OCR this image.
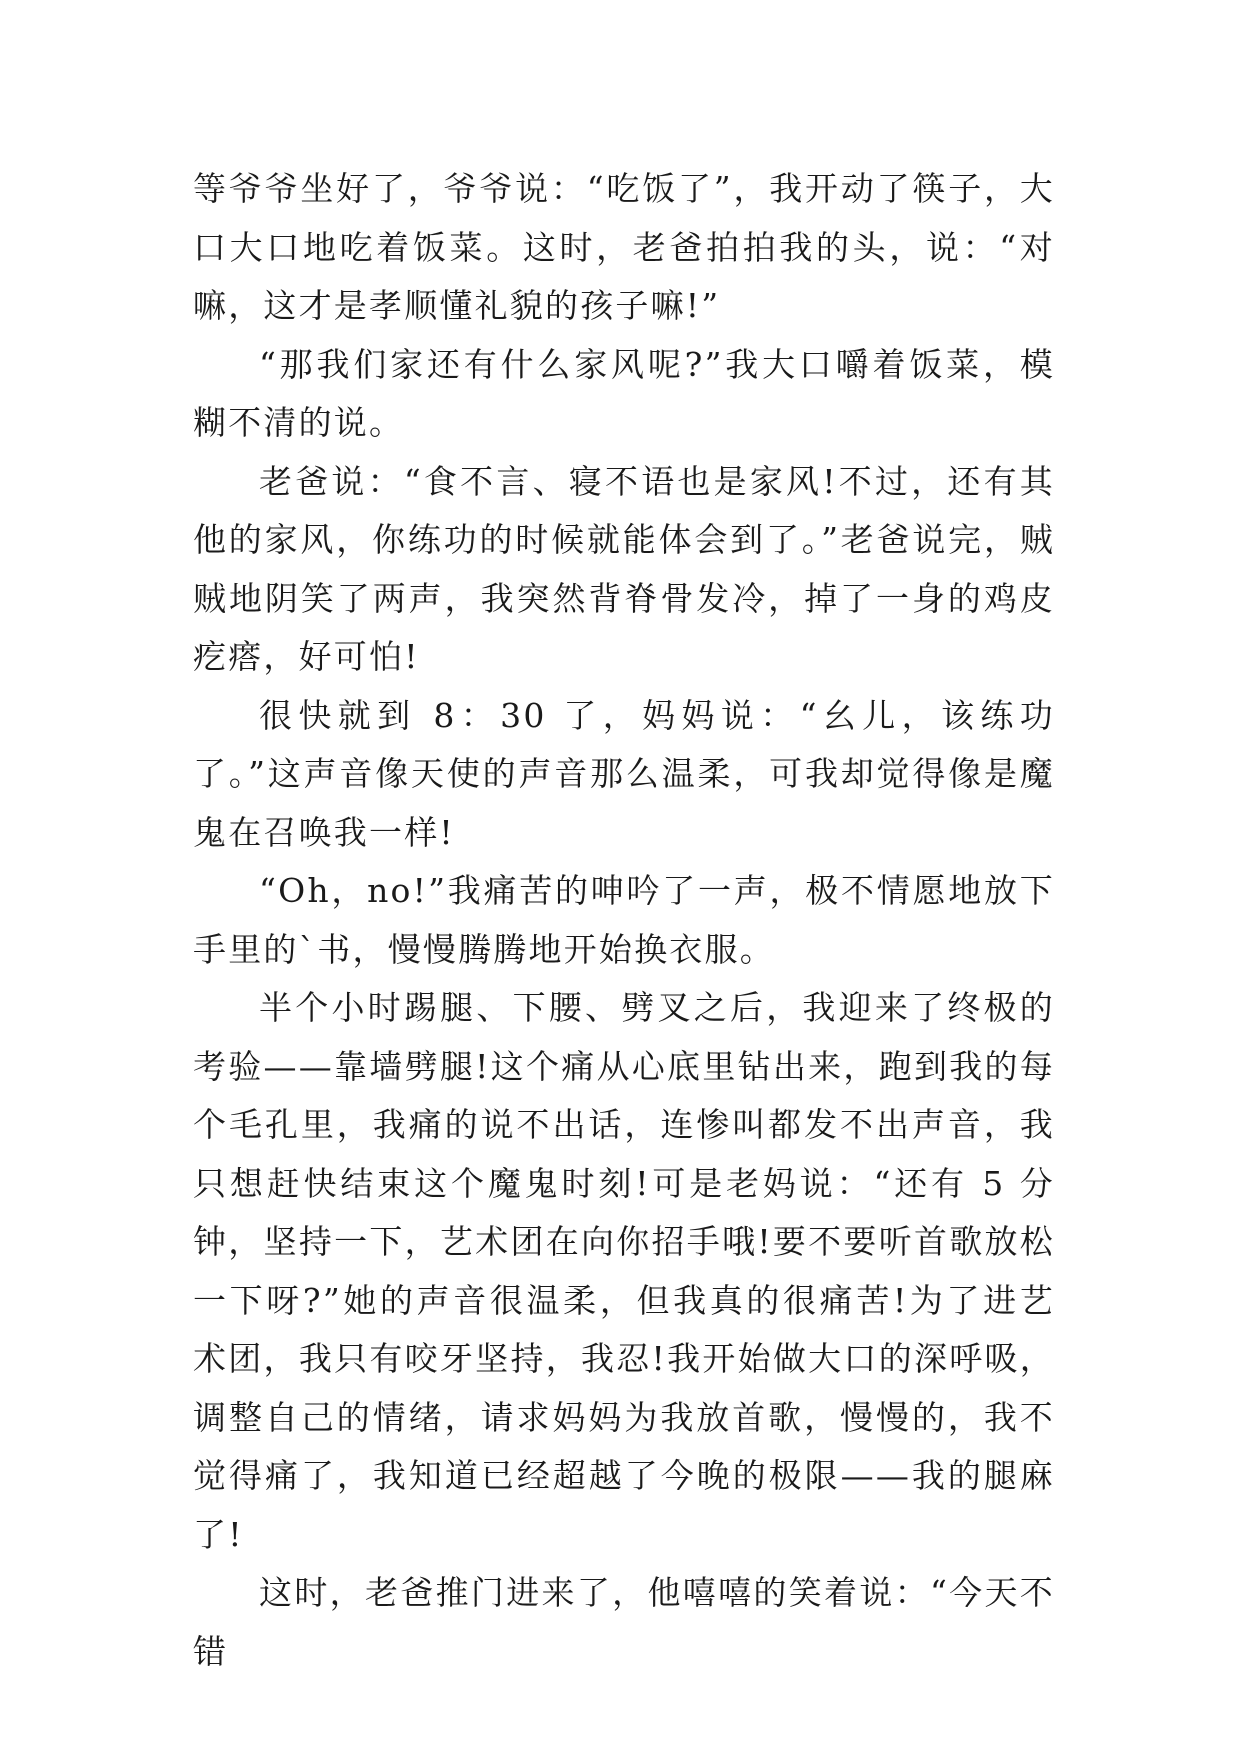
等爷爷坐好了，爷爷说：“吃饭了”，我开动了筷子，大口大口地吃着饭菜。这时，老爸拍拍我的头，说：“对嘛，这才是孝顺懂礼貌的孩子嘛!”

“那我们家还有什么家风呢?”我大口嚼着饭菜，模糊不清的说。

老爸说：“食不言、寝不语也是家风!不过，还有其他的家风，你练功的时候就能体会到了。”老爸说完，贼贼地阴笑了两声，我突然背脊骨发冷，掉了一身的鸡皮疙瘩，好可怕!

很快就到 8：30 了，妈妈说：“幺儿，该练功了。”这声音像天使的声音那么温柔，可我却觉得像是魔鬼在召唤我一样!

“Oh，no!”我痛苦的呻吟了一声，极不情愿地放下手里的`书，慢慢腾腾地开始换衣服。

半个小时踢腿、下腰、劈叉之后，我迎来了终极的考验——靠墙劈腿!这个痛从心底里钻出来，跑到我的每个毛孔里，我痛的说不出话，连惨叫都发不出声音，我只想赶快结束这个魔鬼时刻!可是老妈说：“还有 5 分钟，坚持一下，艺术团在向你招手哦!要不要听首歌放松一下呀?”她的声音很温柔，但我真的很痛苦!为了进艺术团，我只有咬牙坚持，我忍!我开始做大口的深呼吸，调整自己的情绪，请求妈妈为我放首歌，慢慢的，我不觉得痛了，我知道已经超越了今晚的极限——我的腿麻了!

这时，老爸推门进来了，他嘻嘻的笑着说：“今天不错
